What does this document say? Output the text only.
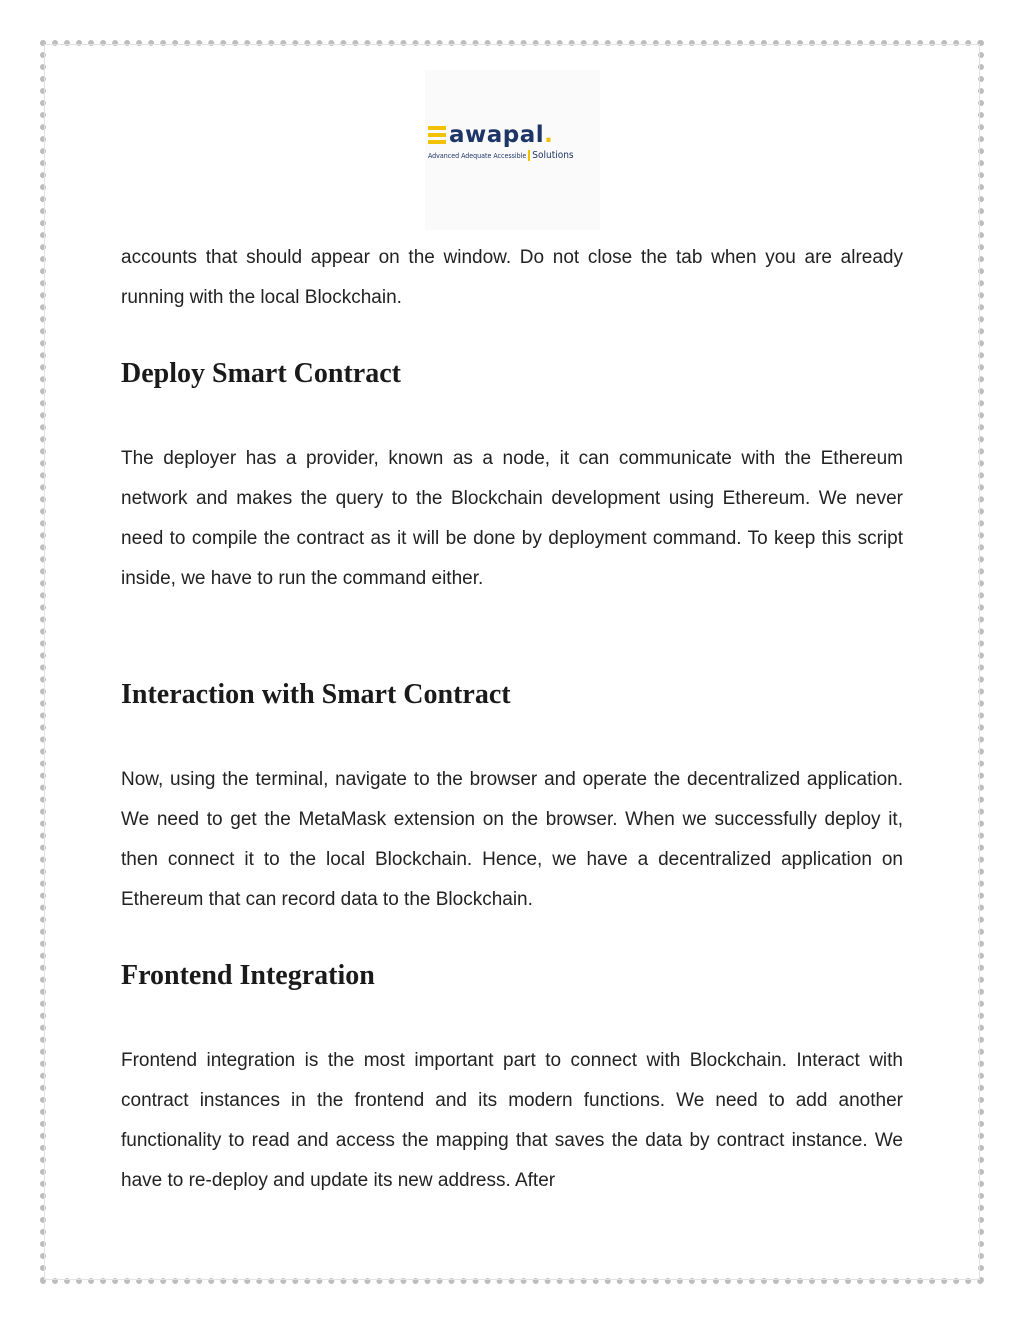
awapal.
Advanced Adequate Accessible Solutions

accounts that should appear on the window. Do not close the tab when you are already running with the local Blockchain.

Deploy Smart Contract

The deployer has a provider, known as a node, it can communicate with the Ethereum network and makes the query to the Blockchain development using Ethereum. We never need to compile the contract as it will be done by deployment command. To keep this script inside, we have to run the command either.

Interaction with Smart Contract

Now, using the terminal, navigate to the browser and operate the decentralized application. We need to get the MetaMask extension on the browser. When we successfully deploy it, then connect it to the local Blockchain. Hence, we have a decentralized application on Ethereum that can record data to the Blockchain.

Frontend Integration

Frontend integration is the most important part to connect with Blockchain. Interact with contract instances in the frontend and its modern functions. We need to add another functionality to read and access the mapping that saves the data by contract instance. We have to re-deploy and update its new address. After
